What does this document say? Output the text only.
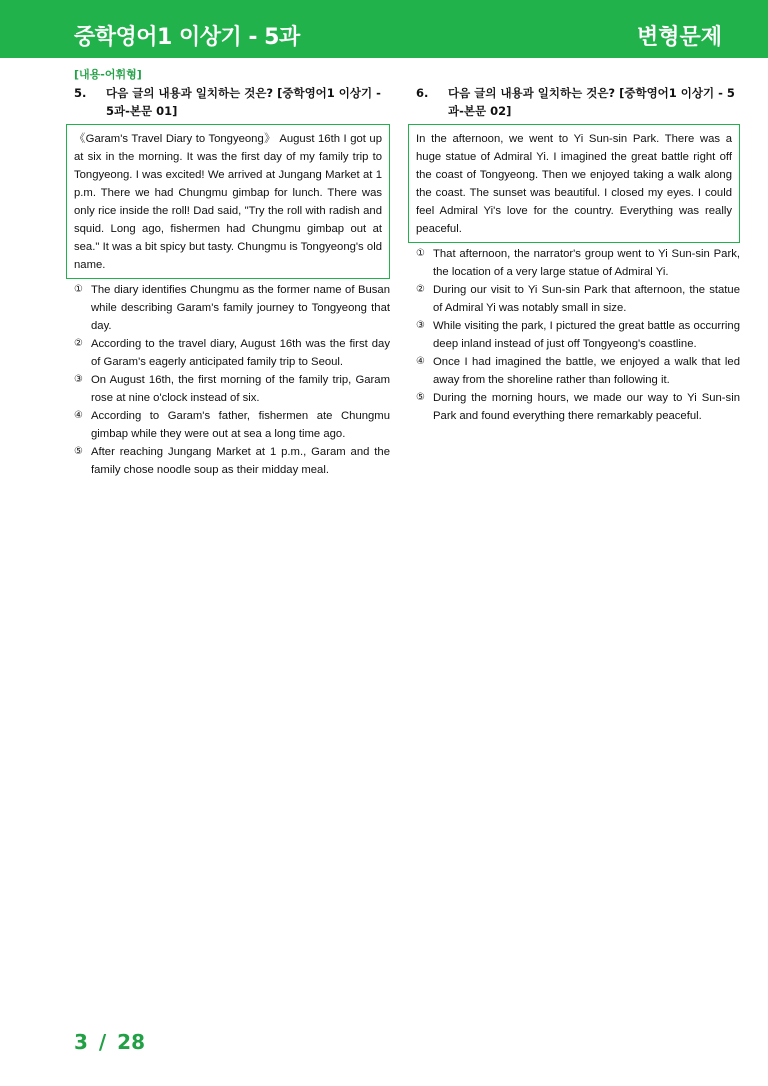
중학영어1 이상기 - 5과	변형문제
[내용-어휘형]
5. 다음 글의 내용과 일치하는 것은? [중학영어1 이상기 - 5과-본문 01]
《Garam's Travel Diary to Tongyeong》 August 16th I got up at six in the morning. It was the first day of my family trip to Tongyeong. I was excited! We arrived at Jungang Market at 1 p.m. There we had Chungmu gimbap for lunch. There was only rice inside the roll! Dad said, "Try the roll with radish and squid. Long ago, fishermen had Chungmu gimbap out at sea." It was a bit spicy but tasty. Chungmu is Tongyeong's old name.
① The diary identifies Chungmu as the former name of Busan while describing Garam's family journey to Tongyeong that day.
② According to the travel diary, August 16th was the first day of Garam's eagerly anticipated family trip to Seoul.
③ On August 16th, the first morning of the family trip, Garam rose at nine o'clock instead of six.
④ According to Garam's father, fishermen ate Chungmu gimbap while they were out at sea a long time ago.
⑤ After reaching Jungang Market at 1 p.m., Garam and the family chose noodle soup as their midday meal.
6. 다음 글의 내용과 일치하는 것은? [중학영어1 이상기 - 5과-본문 02]
In the afternoon, we went to Yi Sun-sin Park. There was a huge statue of Admiral Yi. I imagined the great battle right off the coast of Tongyeong. Then we enjoyed taking a walk along the coast. The sunset was beautiful. I closed my eyes. I could feel Admiral Yi's love for the country. Everything was really peaceful.
① That afternoon, the narrator's group went to Yi Sun-sin Park, the location of a very large statue of Admiral Yi.
② During our visit to Yi Sun-sin Park that afternoon, the statue of Admiral Yi was notably small in size.
③ While visiting the park, I pictured the great battle as occurring deep inland instead of just off Tongyeong's coastline.
④ Once I had imagined the battle, we enjoyed a walk that led away from the shoreline rather than following it.
⑤ During the morning hours, we made our way to Yi Sun-sin Park and found everything there remarkably peaceful.
3 / 28
